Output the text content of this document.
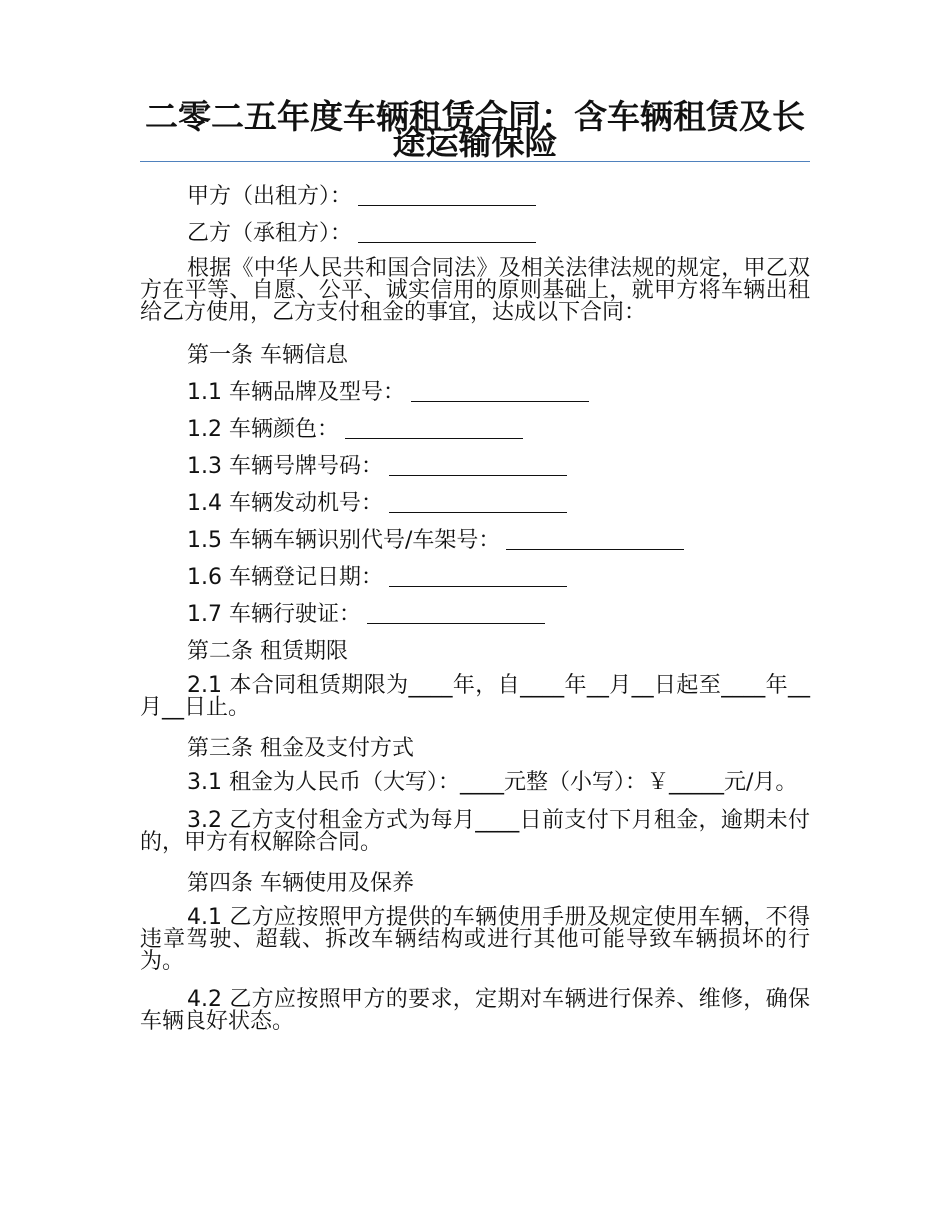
二零二五年度车辆租赁合同：含车辆租赁及长途运输保险
甲方（出租方）：
乙方（承租方）：
根据《中华人民共和国合同法》及相关法律法规的规定，甲乙双方在平等、自愿、公平、诚实信用的原则基础上，就甲方将车辆出租给乙方使用，乙方支付租金的事宜，达成以下合同：
第一条 车辆信息
1.1 车辆品牌及型号：
1.2 车辆颜色：
1.3 车辆号牌号码：
1.4 车辆发动机号：
1.5 车辆车辆识别代号/车架号：
1.6 车辆登记日期：
1.7 车辆行驶证：
第二条 租赁期限
2.1 本合同租赁期限为____年，自____年__月__日起至____年__月__日止。
第三条 租金及支付方式
3.1 租金为人民币（大写）：____元整（小写）：￥_____元/月。
3.2 乙方支付租金方式为每月____日前支付下月租金，逾期未付的，甲方有权解除合同。
第四条 车辆使用及保养
4.1 乙方应按照甲方提供的车辆使用手册及规定使用车辆，不得违章驾驶、超载、拆改车辆结构或进行其他可能导致车辆损坏的行为。
4.2 乙方应按照甲方的要求，定期对车辆进行保养、维修，确保车辆良好状态。
